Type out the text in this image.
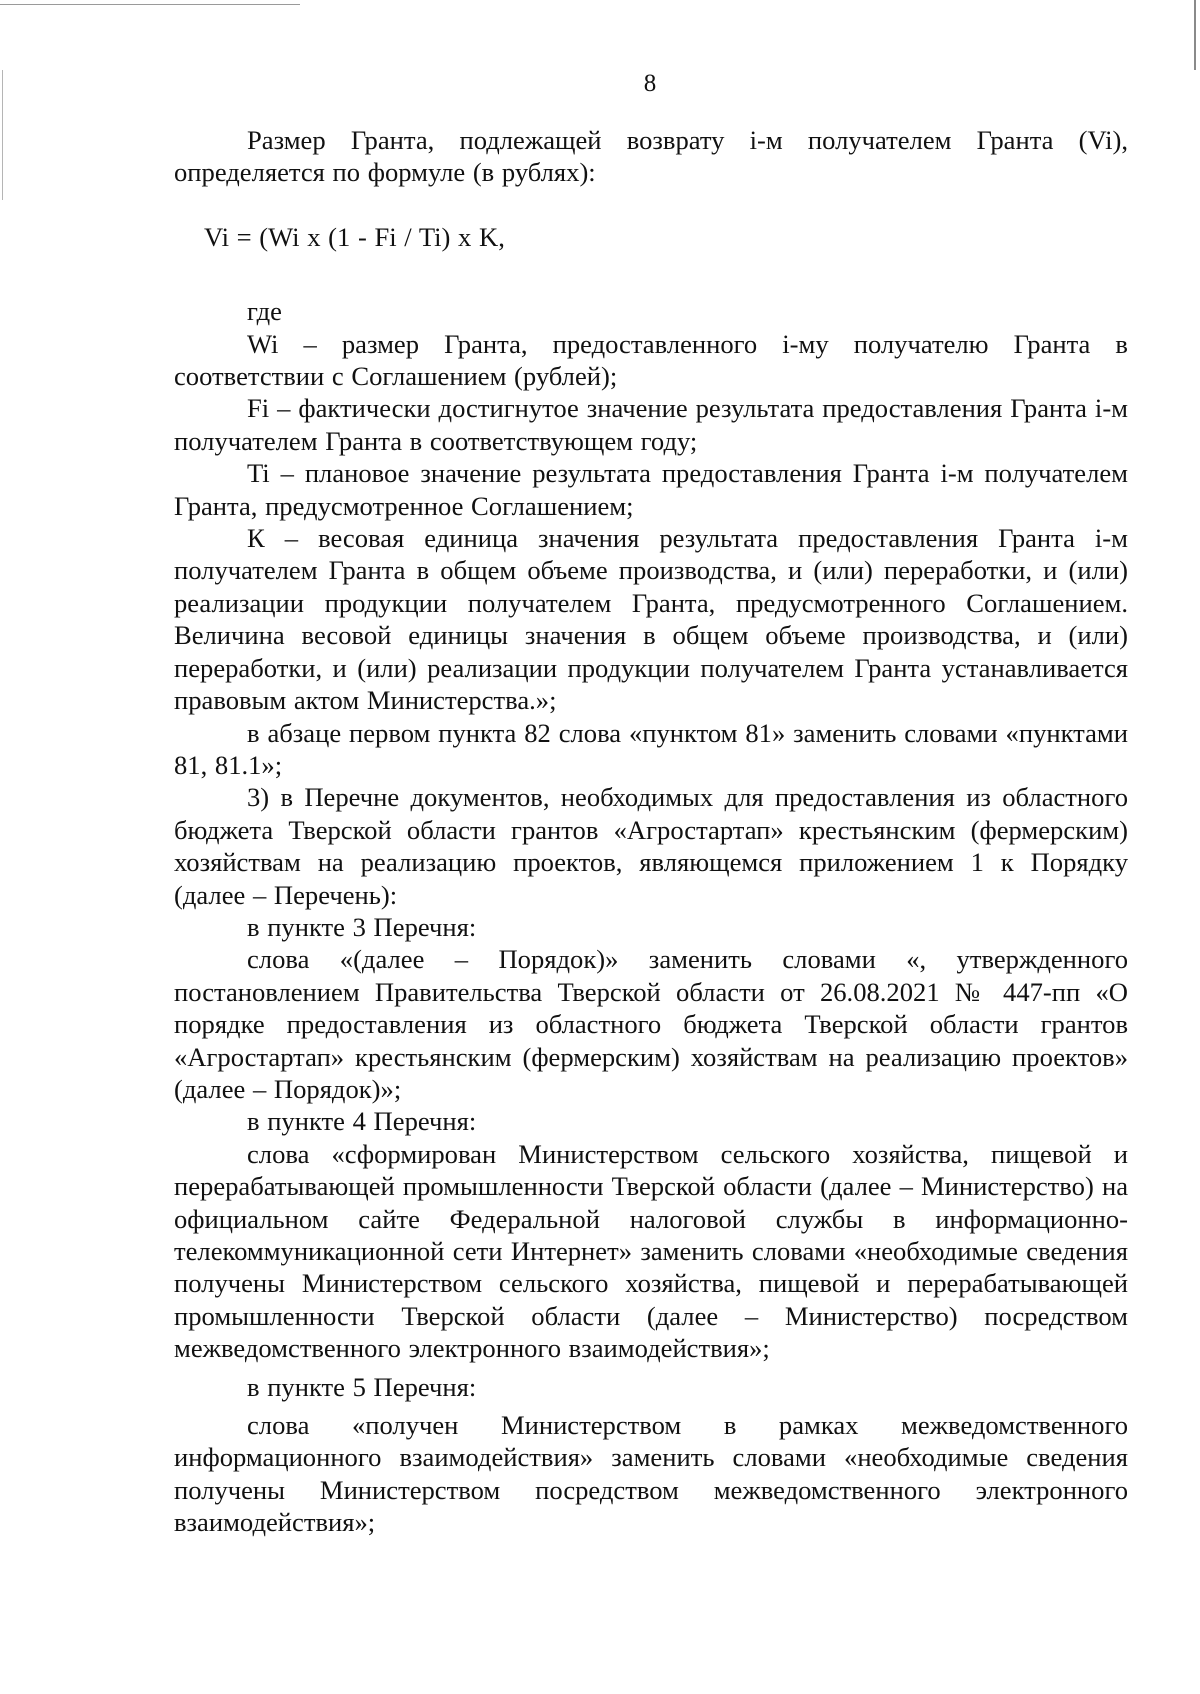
8

Размер Гранта, подлежащей возврату i-м получателем Гранта (Vi), определяется по формуле (в рублях):

Vi = (Wi x (1 - Fi / Ti) x K,

где

Wi – размер Гранта, предоставленного i-му получателю Гранта в соответствии с Соглашением (рублей);

Fi – фактически достигнутое значение результата предоставления Гранта i-м получателем Гранта в соответствующем году;

Ti – плановое значение результата предоставления Гранта i-м получателем Гранта, предусмотренное Соглашением;

К – весовая единица значения результата предоставления Гранта i-м получателем Гранта в общем объеме производства, и (или) переработки, и (или) реализации продукции получателем Гранта, предусмотренного Соглашением. Величина весовой единицы значения в общем объеме производства, и (или) переработки, и (или) реализации продукции получателем Гранта устанавливается правовым актом Министерства.»;

в абзаце первом пункта 82 слова «пунктом 81» заменить словами «пунктами 81, 81.1»;

3) в Перечне документов, необходимых для предоставления из областного бюджета Тверской области грантов «Агростартап» крестьянским (фермерским) хозяйствам на реализацию проектов, являющемся приложением 1 к Порядку (далее – Перечень):

в пункте 3 Перечня:

слова «(далее – Порядок)» заменить словами «, утвержденного постановлением Правительства Тверской области от 26.08.2021 № 447-пп «О порядке предоставления из областного бюджета Тверской области грантов «Агростартап» крестьянским (фермерским) хозяйствам на реализацию проектов» (далее – Порядок)»;

в пункте 4 Перечня:

слова «сформирован Министерством сельского хозяйства, пищевой и перерабатывающей промышленности Тверской области (далее – Министерство) на официальном сайте Федеральной налоговой службы в информационно-телекоммуникационной сети Интернет» заменить словами «необходимые сведения получены Министерством сельского хозяйства, пищевой и перерабатывающей промышленности Тверской области (далее – Министерство) посредством межведомственного электронного взаимодействия»;

в пункте 5 Перечня:

слова «получен Министерством в рамках межведомственного информационного взаимодействия» заменить словами «необходимые сведения получены Министерством посредством межведомственного электронного взаимодействия»;
